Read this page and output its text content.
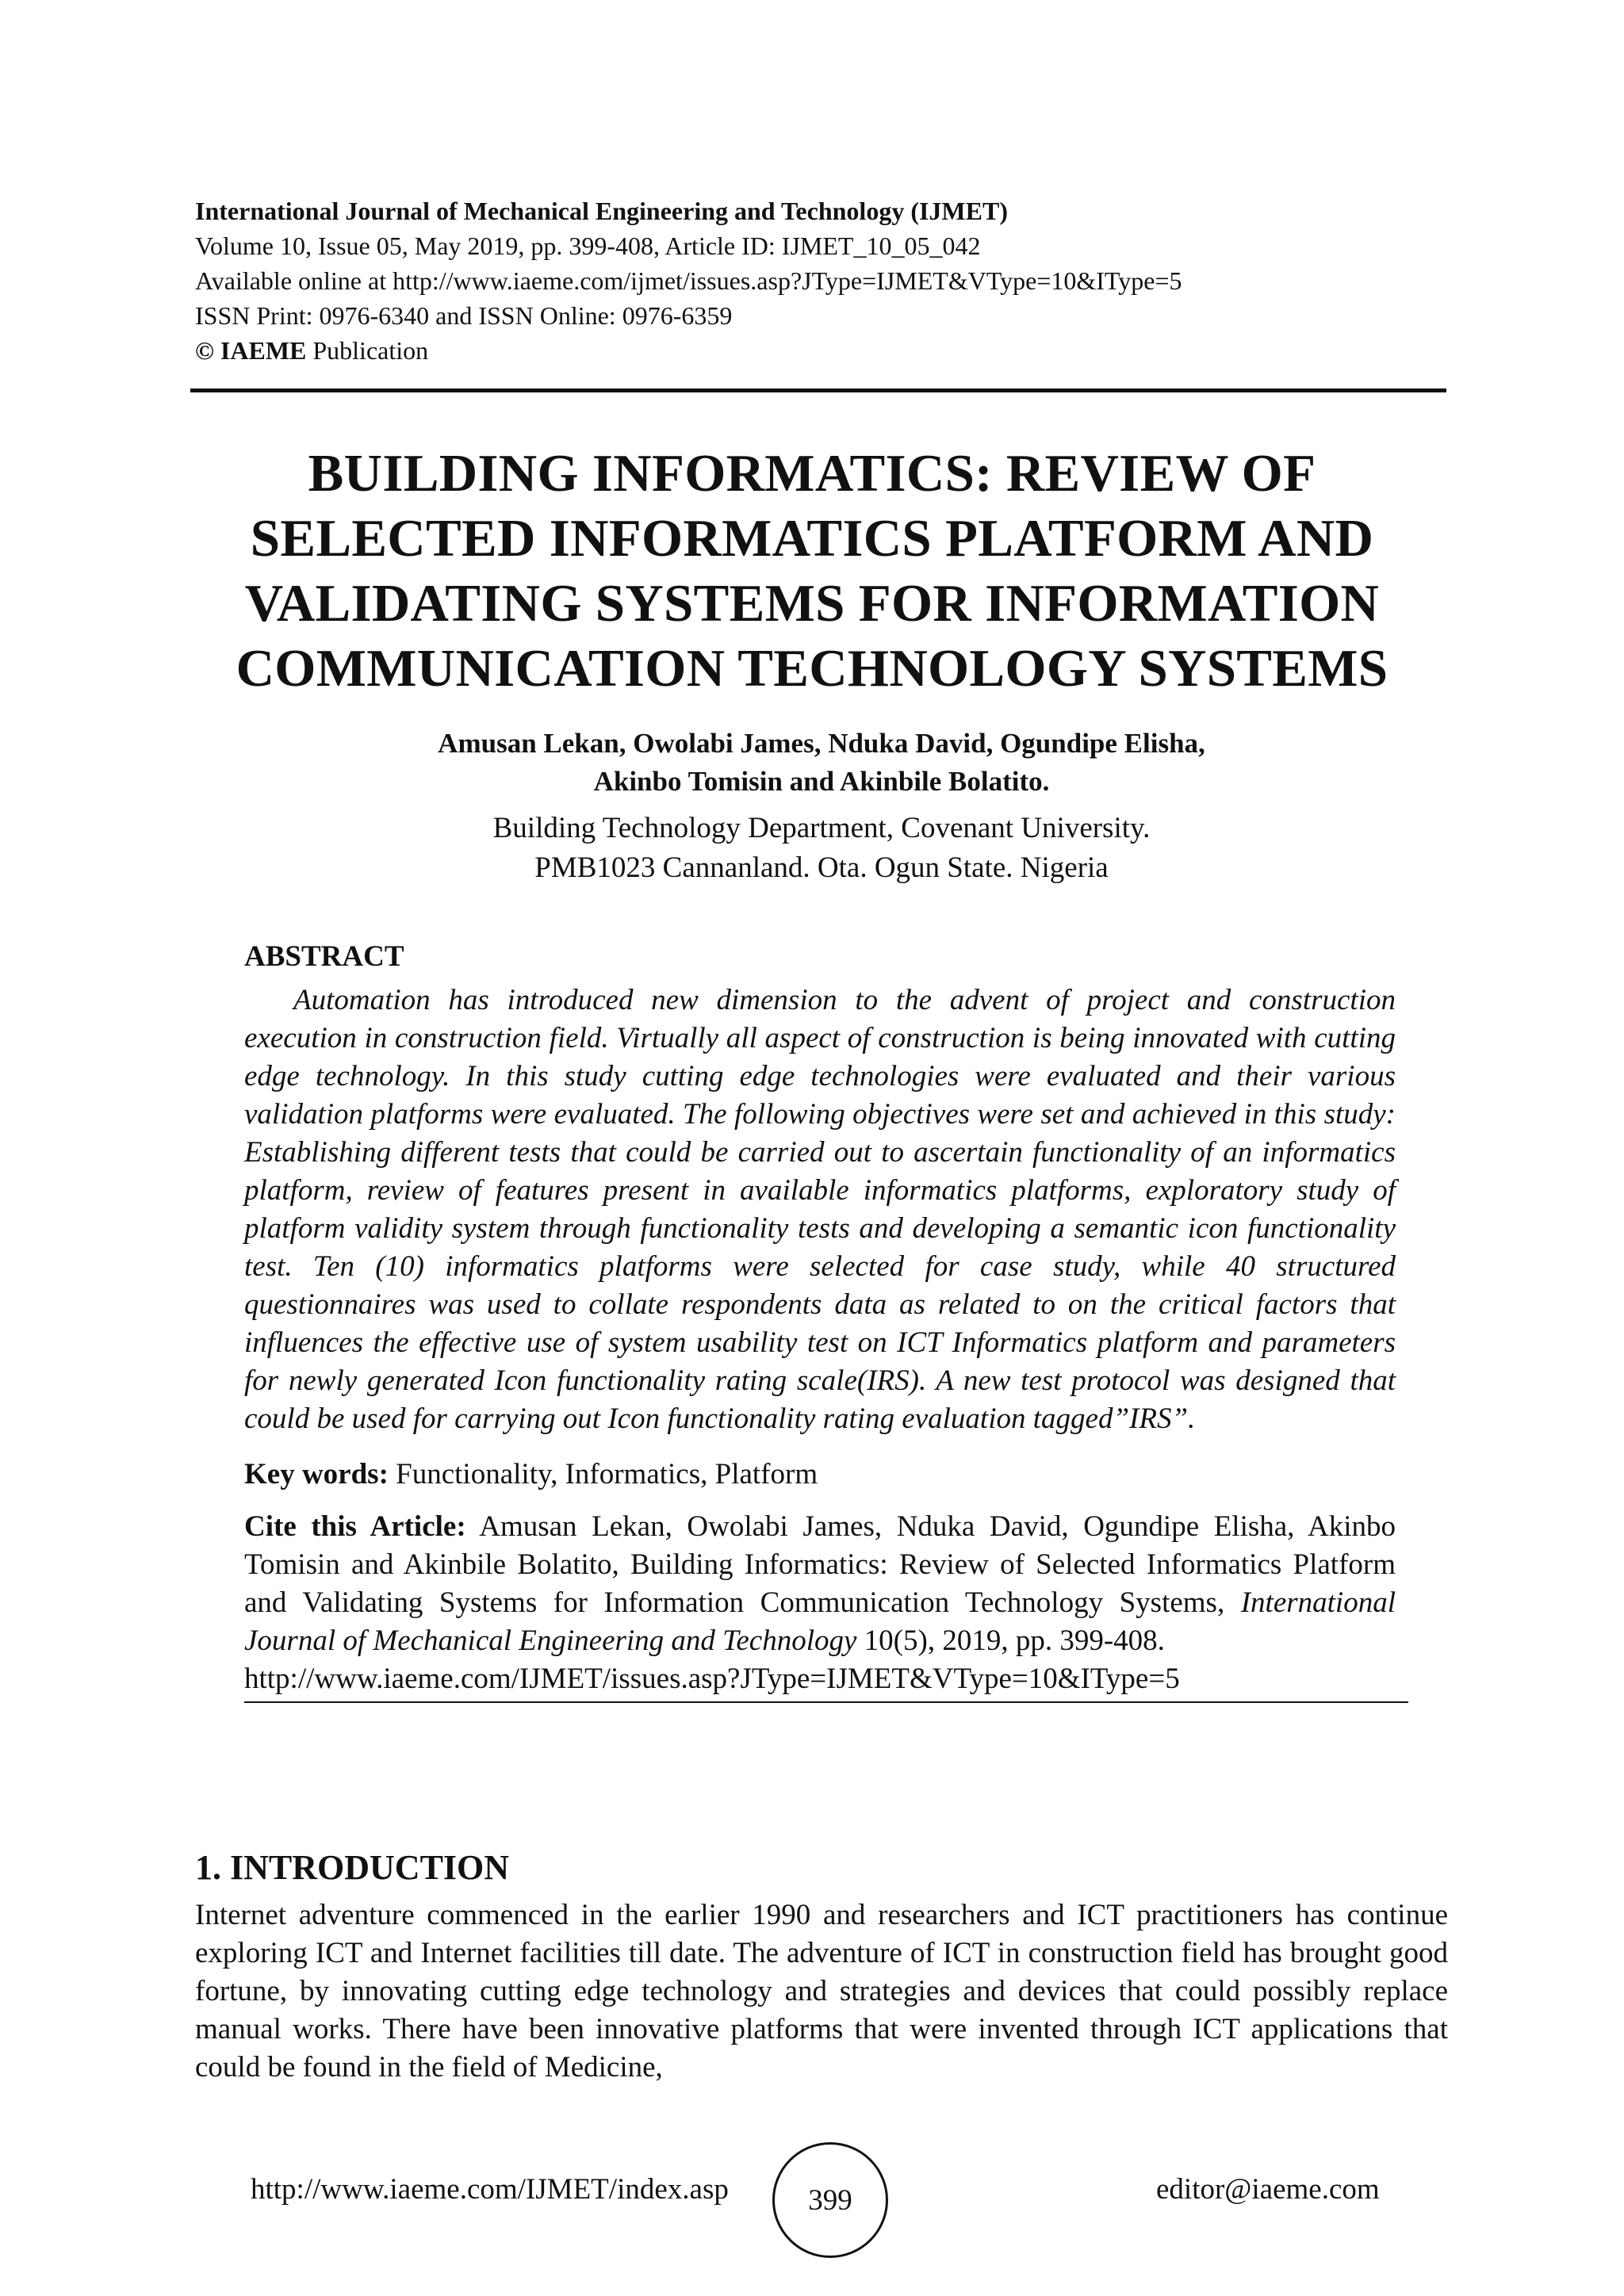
International Journal of Mechanical Engineering and Technology (IJMET)
Volume 10, Issue 05, May 2019, pp. 399-408, Article ID: IJMET_10_05_042
Available online at http://www.iaeme.com/ijmet/issues.asp?JType=IJMET&VType=10&IType=5
ISSN Print: 0976-6340 and ISSN Online: 0976-6359
© IAEME Publication
BUILDING INFORMATICS: REVIEW OF
SELECTED INFORMATICS PLATFORM AND
VALIDATING SYSTEMS FOR INFORMATION
COMMUNICATION TECHNOLOGY SYSTEMS
Amusan Lekan, Owolabi James, Nduka David, Ogundipe Elisha,
Akinbo Tomisin and Akinbile Bolatito.
Building Technology Department, Covenant University.
PMB1023 Cannanland. Ota. Ogun State. Nigeria
ABSTRACT

Automation has introduced new dimension to the advent of project and construction execution in construction field. Virtually all aspect of construction is being innovated with cutting edge technology. In this study cutting edge technologies were evaluated and their various validation platforms were evaluated. The following objectives were set and achieved in this study: Establishing different tests that could be carried out to ascertain functionality of an informatics platform, review of features present in available informatics platforms, exploratory study of platform validity system through functionality tests and developing a semantic icon functionality test. Ten (10) informatics platforms were selected for case study, while 40 structured questionnaires was used to collate respondents data as related to on the critical factors that influences the effective use of system usability test on ICT Informatics platform and parameters for newly generated Icon functionality rating scale(IRS). A new test protocol was designed that could be used for carrying out Icon functionality rating evaluation tagged”IRS”.

Key words: Functionality, Informatics, Platform
Cite this Article: Amusan Lekan, Owolabi James, Nduka David, Ogundipe Elisha, Akinbo Tomisin and Akinbile Bolatito, Building Informatics: Review of Selected Informatics Platform and Validating Systems for Information Communication Technology Systems, International Journal of Mechanical Engineering and Technology 10(5), 2019, pp. 399-408.
http://www.iaeme.com/IJMET/issues.asp?JType=IJMET&VType=10&IType=5
1. INTRODUCTION

Internet adventure commenced in the earlier 1990 and researchers and ICT practitioners has continue exploring ICT and Internet facilities till date. The adventure of ICT in construction field has brought good fortune, by innovating cutting edge technology and strategies and devices that could possibly replace manual works. There have been innovative platforms that were invented through ICT applications that could be found in the field of Medicine,

http://www.iaeme.com/IJMET/index.asp	399	editor@iaeme.com
